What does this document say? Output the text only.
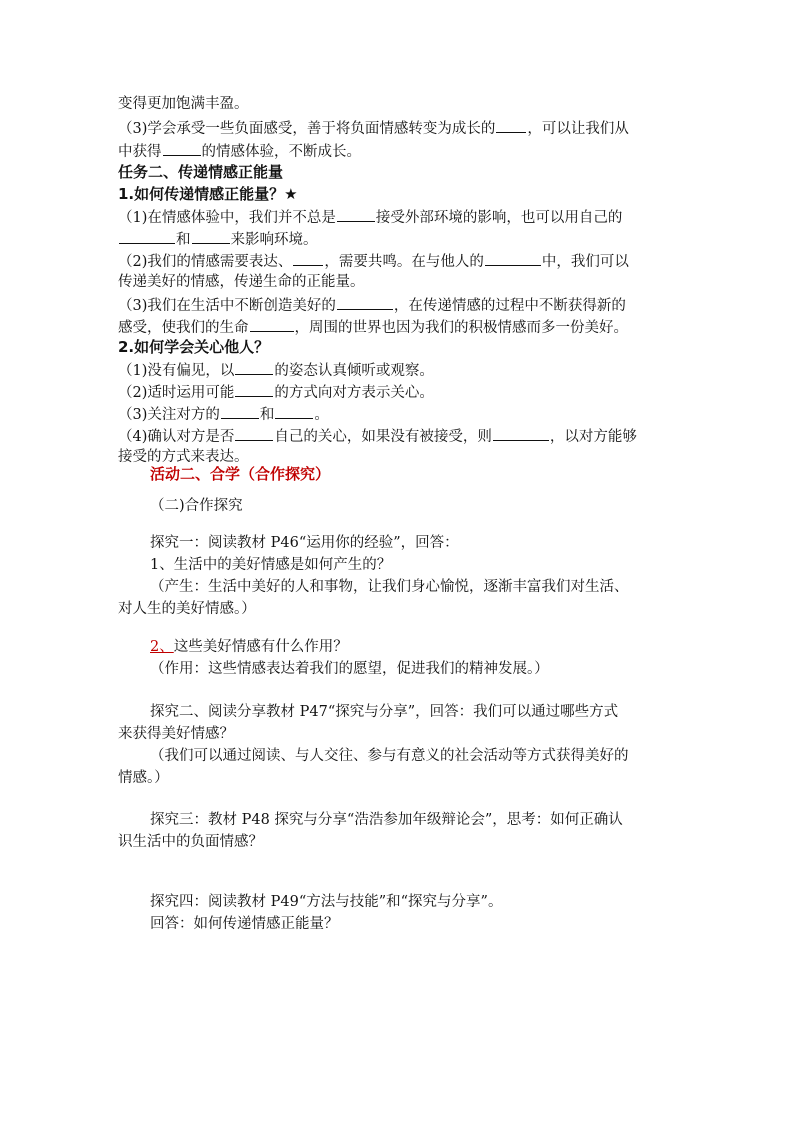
变得更加饱满丰盈。
（3)学会承受一些负面感受，善于将负面情感转变为成长的 ，可以让我们从
中获得	的情感体验，不断成长。
任务二、传递情感正能量
1.如何传递情感正能量？★
（1)在情感体验中，我们并不总是	接受外部环境的影响，也可以用自己的
和	来影响环境。
（2)我们的情感需要表达、 ，需要共鸣。在与他人的	中，我们可以
传递美好的情感，传递生命的正能量。
（3)我们在生活中不断创造美好的	，在传递情感的过程中不断获得新的
感受，使我们的生命	，周围的世界也因为我们的积极情感而多一份美好。
2.如何学会关心他人？
（1)没有偏见，以	的姿态认真倾听或观察。
（2)适时运用可能	的方式向对方表示关心。
（3)关注对方的	和	。
（4)确认对方是否	自己的关心，如果没有被接受，则	，以对方能够
接受的方式来表达。
活动二、合学（合作探究）
（二)合作探究
探究一：阅读教材 P46“运用你的经验”，回答：
1、生活中的美好情感是如何产生的？
（产生：生活中美好的人和事物，让我们身心愉悦，逐渐丰富我们对生活、
对人生的美好情感。）
2、这些美好情感有什么作用？
（作用：这些情感表达着我们的愿望，促进我们的精神发展。）
探究二、阅读分享教材 P47“探究与分享”，回答：我们可以通过哪些方式
来获得美好情感？
（我们可以通过阅读、与人交往、参与有意义的社会活动等方式获得美好的
情感。）
探究三：教材 P48 探究与分享“浩浩参加年级辩论会”，思考：如何正确认
识生活中的负面情感？
探究四：阅读教材 P49“方法与技能”和“探究与分享”。
回答：如何传递情感正能量？
